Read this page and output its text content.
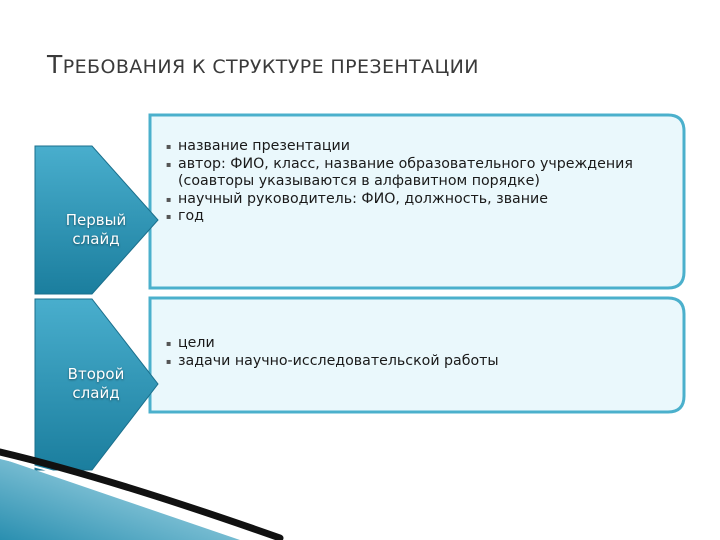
ТРЕБОВАНИЯ К СТРУКТУРЕ ПРЕЗЕНТАЦИИ
Первый
слайд
Второй
слайд
▪ название презентации
▪ автор: ФИО, класс, название образовательного учреждения (соавторы указываются в алфавитном порядке)
▪ научный руководитель: ФИО, должность, звание
▪ год
▪ цели
▪ задачи научно-исследовательской работы
